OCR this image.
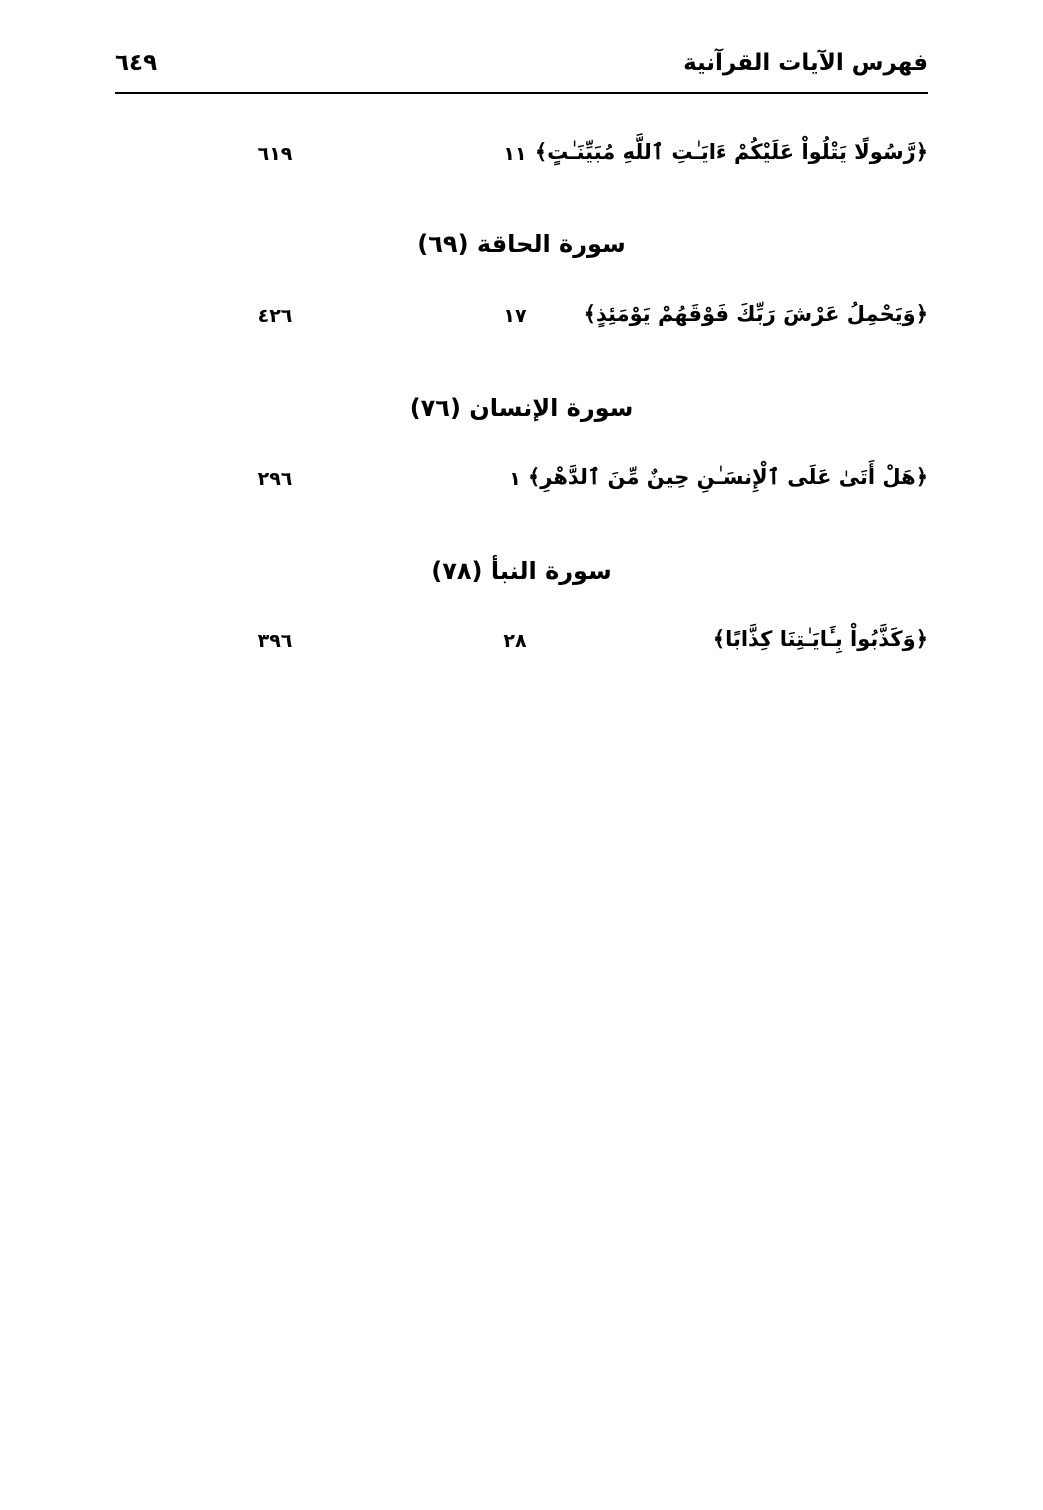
فهرس الآيات القرآنية
٦٤٩
﴿رَّسُولًا يَتْلُواْ عَلَيْكُمْ ءَايَـٰتِ ٱللَّهِ مُبَيِّنَـٰتٍ﴾
١١
٦١٩
سورة الحاقة (٦٩)
﴿وَيَحْمِلُ عَرْشَ رَبِّكَ فَوْقَهُمْ يَوْمَئِذٍ﴾
١٧
٤٢٦
سورة الإنسان (٧٦)
﴿هَلْ أَتَىٰ عَلَى ٱلْإِنسَـٰنِ حِينٌ مِّنَ ٱلدَّهْرِ﴾
١
٢٩٦
سورة النبأ (٧٨)
﴿وَكَذَّبُواْ بِـَٔايَـٰتِنَا كِذَّابًا﴾
٢٨
٣٩٦
